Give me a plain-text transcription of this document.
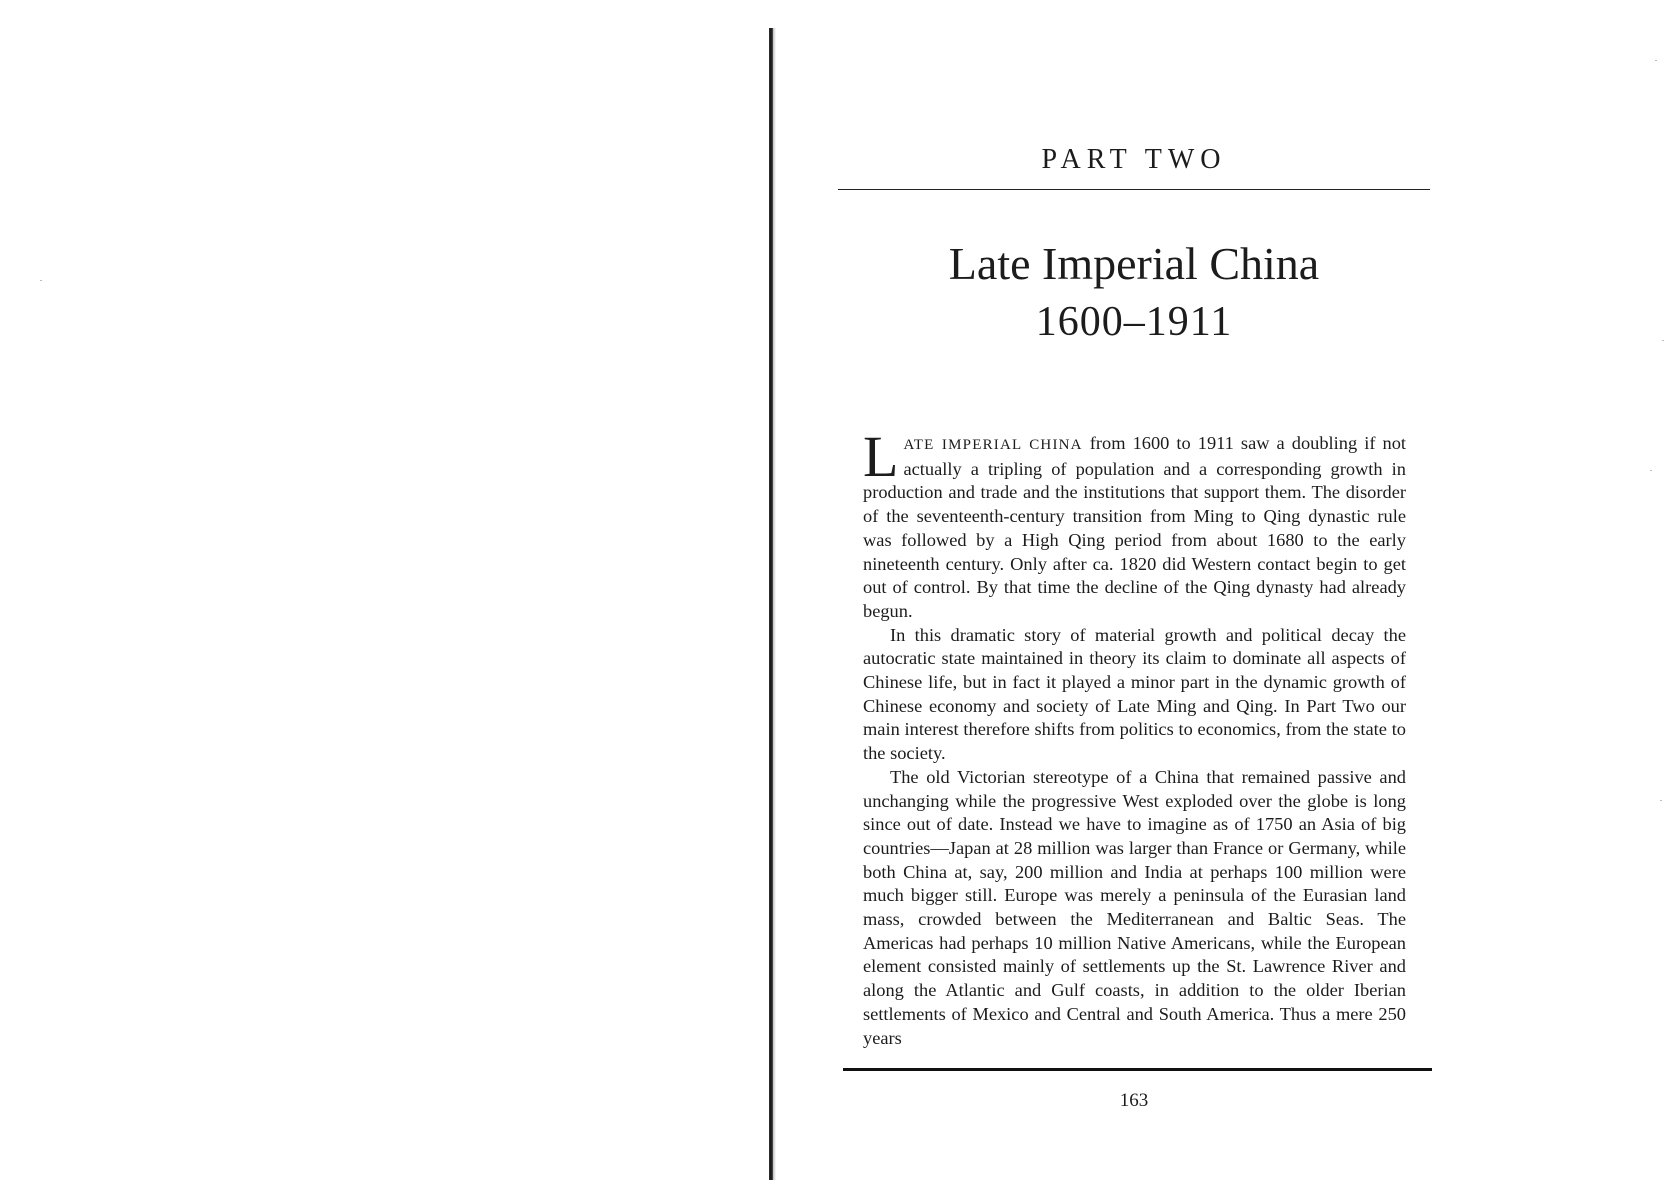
PART TWO
Late Imperial China
1600–1911

LATE IMPERIAL CHINA from 1600 to 1911 saw a doubling if not actually a tripling of population and a corresponding growth in production and trade and the institutions that support them. The disorder of the seventeenth-century transition from Ming to Qing dynastic rule was followed by a High Qing period from about 1680 to the early nineteenth century. Only after ca. 1820 did Western contact begin to get out of control. By that time the decline of the Qing dynasty had already begun.

In this dramatic story of material growth and political decay the autocratic state maintained in theory its claim to dominate all aspects of Chinese life, but in fact it played a minor part in the dynamic growth of Chinese economy and society of Late Ming and Qing. In Part Two our main interest therefore shifts from politics to economics, from the state to the society.

The old Victorian stereotype of a China that remained passive and unchanging while the progressive West exploded over the globe is long since out of date. Instead we have to imagine as of 1750 an Asia of big countries—Japan at 28 million was larger than France or Germany, while both China at, say, 200 million and India at perhaps 100 million were much bigger still. Europe was merely a peninsula of the Eurasian land mass, crowded between the Mediterranean and Baltic Seas. The Americas had perhaps 10 million Native Americans, while the European element consisted mainly of settlements up the St. Lawrence River and along the Atlantic and Gulf coasts, in addition to the older Iberian settlements of Mexico and Central and South America. Thus a mere 250 years

163
